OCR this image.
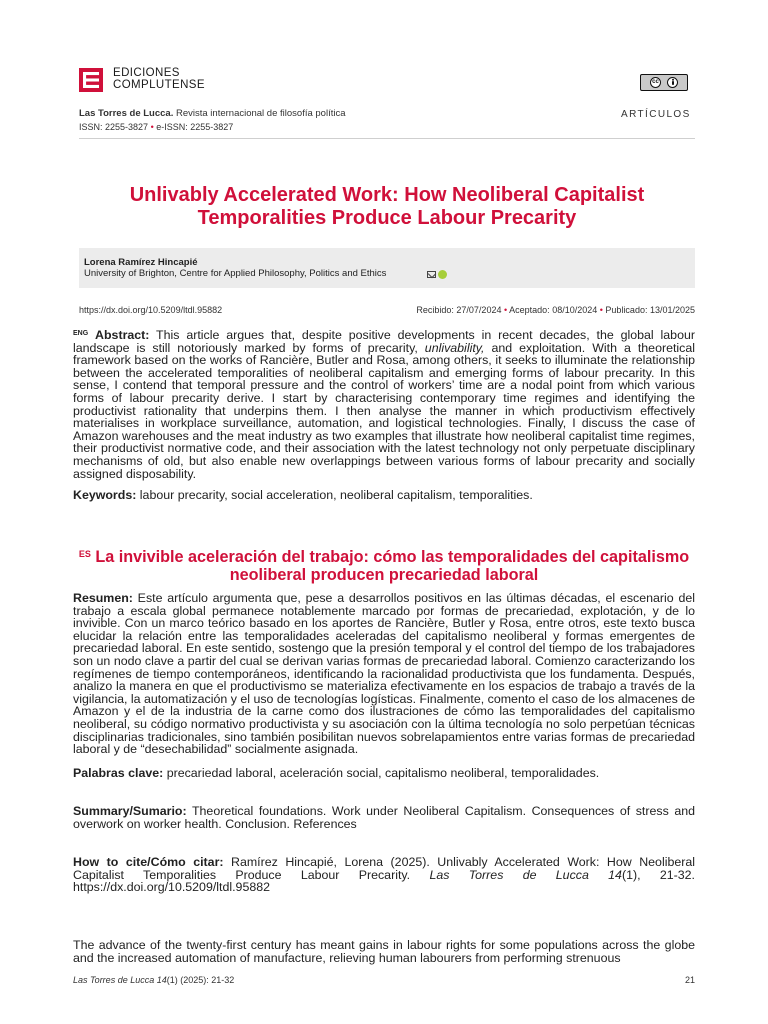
EDICIONES
COMPLUTENSE	cc
Las Torres de Lucca. Revista internacional de filosofía política
ISSN: 2255-3827 • e-ISSN: 2255-3827
ARTÍCULOS
Unlivably Accelerated Work: How Neoliberal Capitalist Temporalities Produce Labour Precarity
Lorena Ramírez Hincapié
University of Brighton, Centre for Applied Philosophy, Politics and Ethics
https://dx.doi.org/10.5209/ltdl.95882	Recibido: 27/07/2024 • Aceptado: 08/10/2024 • Publicado: 13/01/2025
$^{ENG}$ Abstract: This article argues that, despite positive developments in recent decades, the global labour landscape is still notoriously marked by forms of precarity, unlivability, and exploitation. With a theoretical framework based on the works of Rancière, Butler and Rosa, among others, it seeks to illuminate the relationship between the accelerated temporalities of neoliberal capitalism and emerging forms of labour precarity. In this sense, I contend that temporal pressure and the control of workers’ time are a nodal point from which various forms of labour precarity derive. I start by characterising contemporary time regimes and identifying the productivist rationality that underpins them. I then analyse the manner in which productivism effectively materialises in workplace surveillance, automation, and logistical technologies. Finally, I discuss the case of Amazon warehouses and the meat industry as two examples that illustrate how neoliberal capitalist time regimes, their productivist normative code, and their association with the latest technology not only perpetuate disciplinary mechanisms of old, but also enable new overlappings between various forms of labour precarity and socially assigned disposability.
Keywords: labour precarity, social acceleration, neoliberal capitalism, temporalities.
$^{ES}$ La invivible aceleración del trabajo: cómo las temporalidades del capitalismo neoliberal producen precariedad laboral
Resumen: Este artículo argumenta que, pese a desarrollos positivos en las últimas décadas, el escenario del trabajo a escala global permanece notablemente marcado por formas de precariedad, explotación, y de lo invivible. Con un marco teórico basado en los aportes de Rancière, Butler y Rosa, entre otros, este texto busca elucidar la relación entre las temporalidades aceleradas del capitalismo neoliberal y formas emergentes de precariedad laboral. En este sentido, sostengo que la presión temporal y el control del tiempo de los trabajadores son un nodo clave a partir del cual se derivan varias formas de precariedad laboral. Comienzo caracterizando los regímenes de tiempo contemporáneos, identificando la racionalidad productivista que los fundamenta. Después, analizo la manera en que el productivismo se materializa efectivamente en los espacios de trabajo a través de la vigilancia, la automatización y el uso de tecnologías logísticas. Finalmente, comento el caso de los almacenes de Amazon y el de la industria de la carne como dos ilustraciones de cómo las temporalidades del capitalismo neoliberal, su código normativo productivista y su asociación con la última tecnología no solo perpetúan técnicas disciplinarias tradicionales, sino también posibilitan nuevos sobrelapamientos entre varias formas de precariedad laboral y de “desechabilidad” socialmente asignada.
Palabras clave: precariedad laboral, aceleración social, capitalismo neoliberal, temporalidades.
Summary/Sumario: Theoretical foundations. Work under Neoliberal Capitalism. Consequences of stress and overwork on worker health. Conclusion. References
How to cite/Cómo citar: Ramírez Hincapié, Lorena (2025). Unlivably Accelerated Work: How Neoliberal Capitalist Temporalities Produce Labour Precarity. Las Torres de Lucca 14(1), 21-32. https://dx.doi.org/10.5209/ltdl.95882

The advance of the twenty-first century has meant gains in labour rights for some populations across the globe and the increased automation of manufacture, relieving human labourers from performing strenuous

Las Torres de Lucca 14(1) (2025): 21-32	21
